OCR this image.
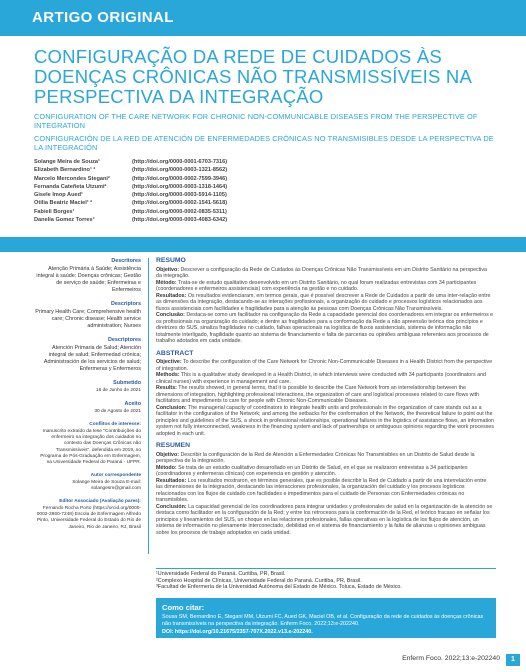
ARTIGO ORIGINAL
CONFIGURAÇÃO DA REDE DE CUIDADOS ÀS DOENÇAS CRÔNICAS NÃO TRANSMISSÍVEIS NA PERSPECTIVA DA INTEGRAÇÃO
CONFIGURATION OF THE CARE NETWORK FOR CHRONIC NON-COMMUNICABLE DISEASES FROM THE PERSPECTIVE OF INTEGRATION
CONFIGURACIÓN DE LA RED DE ATENCIÓN DE ENFERMEDADES CRÓNICAS NO TRANSMISIBLES DESDE LA PERSPECTIVA DE LA INTEGRACIÓN
Solange Meira de Souza¹	(http://doi.org/0000-0001-6703-7316)
Elizabeth Bernardino¹ ²	(http://doi.org/0000-0003-1321-8562)
Marcelo Mercondes Stegani²	(http://doi.org/0000-0002-7599-3946)
Fernanda Cateñeta Utzumi²	(http://doi.org/0000-0003-1318-1464)
Gisele Imop Aued¹	(http://doi.org/0000-0003-5914-1105)
Otilia Beatriz Maciel¹ ²	(http://doi.org/0000-0002-1541-5618)
Fabieli Borges¹	(http://doi.org/0000-0002-0835-5311)
Danelia Gomez Torres³	(http://doi.org/0000-0003-4083-6342)
Descritores
Atenção Primária à Saúde; Assistência integral à saúde; Doenças crônicas; Gestão de serviço de saúde; Enfermeiras e Enfermeiros
Descriptors
Primary Health Care; Comprehensive health care; Chronic disease; Health service administration; Nurses
Descriptores
Atención Primaria de Salud; Atención integral de salud; Enfermedad crónica; Administración de los servicios de salud; Enfermeras y Enfermeros
Submetido
16 de Junho de 2021
Aceito
30 de Agosto de 2021
Conflitos de interesse:
manuscrito extraído da tese "Contribuições do enfermeiro na integração dos cuidados no contexto das Doenças Crônicas não Transmissíveis", defendida em 2019, no Programa de Pós-Graduação em Enfermagem, na Universidade Federal do Paraná - UFPR.
Autor correspondente
Solange Meira de Souza E-mail: solangesm@gmail.com
Editor Associado (Avaliação pares):
Fernando Rocha Porto (https://orcid.org/0000-0002-2860-7248) Escola de Enfermagem Alfredo Pinto, Universidade Federal do Estado do Rio de Janeiro, Rio de Janeiro, RJ, Brasil
RESUMO

Objetivo: Descrever a configuração da Rede de Cuidados às Doenças Crônicas Não Transmissíveis em um Distrito Sanitário na perspectiva da integração.

Método: Trata-se de estudo qualitativo desenvolvido em um Distrito Sanitário, no qual foram realizadas entrevistas com 34 participantes (coordenadores e enfermeiros assistenciais) com experiência na gestão e no cuidado.

Resultados: Os resultados evidenciaram, em termos gerais, que é possível descrever a Rede de Cuidados a partir de uma inter-relação entre as dimensões da integração, destacando-se as interações profissionais, a organização do cuidado e processos logísticos relacionados aos fluxos assistenciais com facilidades e fragilidades para a atenção às pessoas com Doenças Crônicas Não Transmissíveis.

Conclusão: Destaca-se como um facilitador na configuração da Rede a capacidade gerencial dos coordenadores em integrar os enfermeiros e os profissionais na organização do cuidado; e dentre as fragilidades para a conformação da Rede a não apreensão teórica dos princípios e diretrizes do SUS, sinaliza fragilidades no cuidado, falhas operacionais na logística de fluxos assistenciais, sistema de informação não totalmente interligado, fragilidade quanto ao sistema de financiamento e falta de parcerias ou opiniões ambíguas referentes aos processos de trabalho adotados em cada unidade.

ABSTRACT

Objective: To describe the configuration of the Care Network for Chronic Non-Communicable Diseases in a Health District from the perspective of integration.

Methods: This is a qualitative study developed in a Health District, in which interviews were conducted with 34 participants (coordinators and clinical nurses) with experience in management and care.

Results: The results showed, in general terms, that it is possible to describe the Care Network from an interrelationship between the dimensions of integration, highlighting professional interactions, the organization of care and logistical processes related to care flows with facilitators and impediments to care for people with Chronic Non-Communicable Diseases.

Conclusion: The managerial capacity of coordinators to integrate health units and professionals in the organization of care stands out as a facilitator in the configuration of the Network; and among the setbacks for the conformation of the Network, the theoretical failure to point out the principles and guidelines of the SUS, a shock in professional relationships, operational failures in the logistics of assistance flows, an information system not fully interconnected, weakness in the financing system and lack of partnerships or ambiguous opinions regarding the work processes adopted in each unit.

RESUMEN

Objetivo: Describir la configuración de la Red de Atención a Enfermedades Crónicas No Transmisibles en un Distrito de Salud desde la perspectiva de la integración.

Método: Se trata de un estudio cualitativo desarrollado en un Distrito de Salud, en el que se realizaron entrevistas a 34 participantes (coordinadores y enfermeras clínicas) con experiencia en gestión y atención.

Resultados: Los resultados mostraron, en términos generales, que es posible describir la Red de Cuidado a partir de una interrelación entre las dimensiones de la integración, destacando las interacciones profesionales, la organización del cuidado y los procesos logísticos relacionados con los flujos de cuidado con facilidades e impedimentos para el cuidado de Personas con Enfermedades crónicas no transmisibles.

Conclusión: La capacidad gerencial de los coordinadores para integrar unidades y profesionales de salud en la organización de la atención se destaca como facilitador en la configuración de la Red; y entre los retrocesos para la conformación de la Red, el teórico fracaso en señalar los principios y lineamientos del SUS, un choque en las relaciones profesionales, fallas operativas en la logística de los flujos de atención, un sistema de información no plenamente interconectado, debilidad en el sistema de financiamiento y la falta de alianzas u opiniones ambiguas sobre los procesos de trabajo adoptados en cada unidad.

¹Universidade Federal do Paraná. Curitiba, PR, Brasil.
²Complexo Hospital de Clínicas, Universidade Federal do Paraná. Curitiba, PR, Brasil.
³Facultad de Enfermería de la Universidad Autónoma del Estado de México. Toluca, Estado de México.
Como citar:
Sousa SM, Bernardino E, Stegani MM, Utzumi FC, Aued GK, Maciel OB, et al. Configuração da rede de cuidados às doenças crônicas não transmissíveis na perspectiva da integração. Enferm Foco. 2022;13:e-202240.
DOI: https://doi.org/10.21675/2357-707X.2022.v13.e-202240.
Enferm Foco. 2022;13:e-202240	1
